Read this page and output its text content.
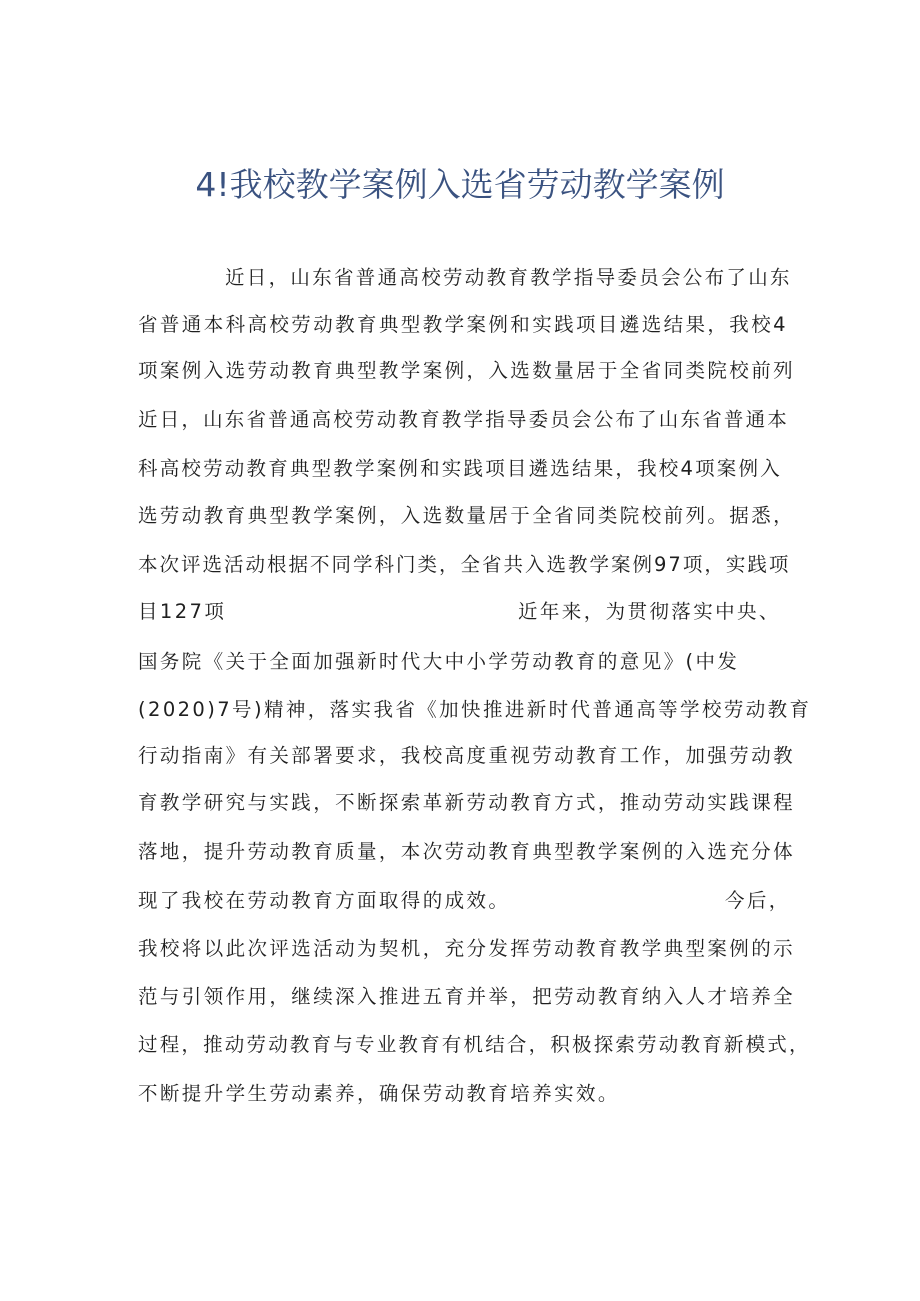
4!我校教学案例入选省劳动教学案例
近日，山东省普通高校劳动教育教学指导委员会公布了山东
省普通本科高校劳动教育典型教学案例和实践项目遴选结果，我校4
项案例入选劳动教育典型教学案例，入选数量居于全省同类院校前列
近日，山东省普通高校劳动教育教学指导委员会公布了山东省普通本
科高校劳动教育典型教学案例和实践项目遴选结果，我校4项案例入
选劳动教育典型教学案例，入选数量居于全省同类院校前列。据悉，
本次评选活动根据不同学科门类，全省共入选教学案例97项，实践项
目127项	近年来，为贯彻落实中央、
国务院《关于全面加强新时代大中小学劳动教育的意见》(中发
(2020)7号)精神，落实我省《加快推进新时代普通高等学校劳动教育
行动指南》有关部署要求，我校高度重视劳动教育工作，加强劳动教
育教学研究与实践，不断探索革新劳动教育方式，推动劳动实践课程
落地，提升劳动教育质量，本次劳动教育典型教学案例的入选充分体
现了我校在劳动教育方面取得的成效。	今后，
我校将以此次评选活动为契机，充分发挥劳动教育教学典型案例的示
范与引领作用，继续深入推进五育并举，把劳动教育纳入人才培养全
过程，推动劳动教育与专业教育有机结合，积极探索劳动教育新模式，
不断提升学生劳动素养，确保劳动教育培养实效。
